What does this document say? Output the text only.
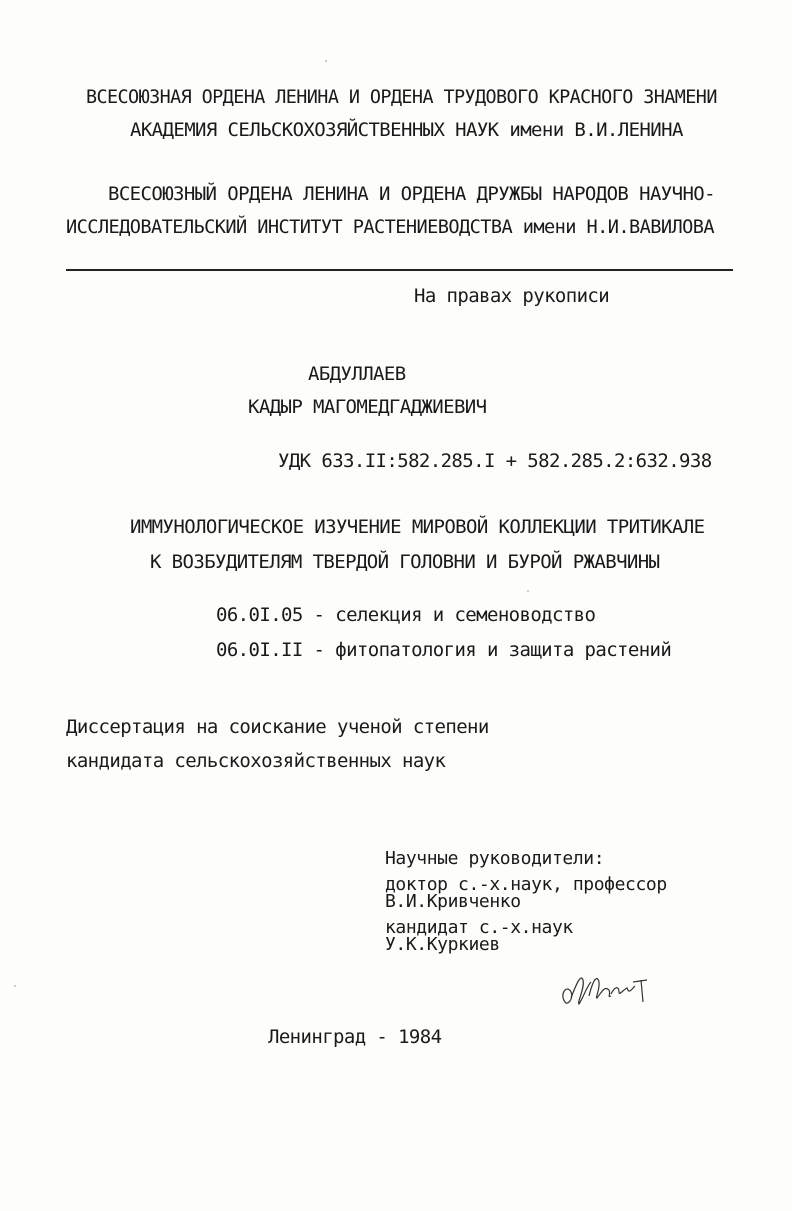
ВСЕСОЮЗНАЯ ОРДЕНА ЛЕНИНА И ОРДЕНА ТРУДОВОГО КРАСНОГО ЗНАМЕНИ
АКАДЕМИЯ СЕЛЬСКОХОЗЯЙСТВЕННЫХ НАУК имени В.И.ЛЕНИНА
ВСЕСОЮЗНЫЙ ОРДЕНА ЛЕНИНА И ОРДЕНА ДРУЖБЫ НАРОДОВ НАУЧНО-
ИССЛЕДОВАТЕЛЬСКИЙ ИНСТИТУТ РАСТЕНИЕВОДСТВА имени Н.И.ВАВИЛОВА
На правах рукописи
АБДУЛЛАЕВ
КАДЫР МАГОМЕДГАДЖИЕВИЧ
УДК 633.II:582.285.I + 582.285.2:632.938
ИММУНОЛОГИЧЕСКОЕ ИЗУЧЕНИЕ МИРОВОЙ КОЛЛЕКЦИИ ТРИТИКАЛЕ
К ВОЗБУДИТЕЛЯМ ТВЕРДОЙ ГОЛОВНИ И БУРОЙ РЖАВЧИНЫ
06.0I.05 - селекция и семеноводство
06.0I.II - фитопатология и защита растений
Диссертация на соискание ученой степени
кандидата сельскохозяйственных наук
Научные руководители:
доктор с.-х.наук, профессор
В.И.Кривченко
кандидат с.-х.наук
У.К.Куркиев
Ленинград - 1984
